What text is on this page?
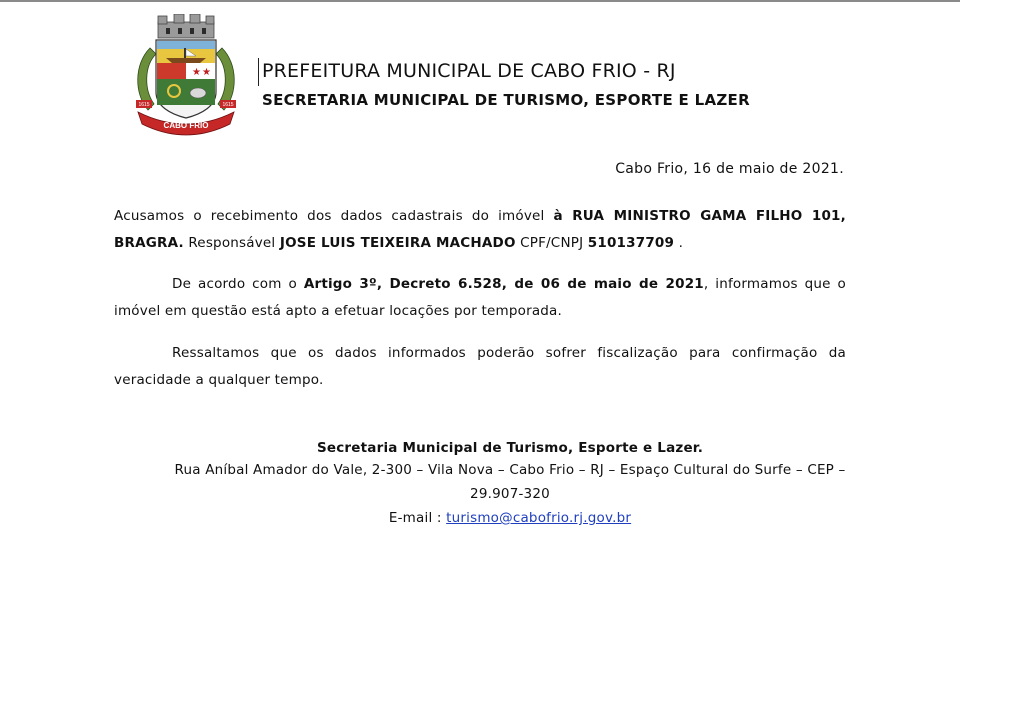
★ ★
CABO FRIO
1615	1615
PREFEITURA MUNICIPAL DE CABO FRIO - RJ
SECRETARIA MUNICIPAL DE TURISMO, ESPORTE E LAZER
Cabo Frio, 16 de maio de 2021.
Acusamos o recebimento dos dados cadastrais do imóvel à RUA MINISTRO GAMA FILHO 101, BRAGRA. Responsável JOSE LUIS TEIXEIRA MACHADO CPF/CNPJ 510137709 .
De acordo com o Artigo 3º, Decreto 6.528, de 06 de maio de 2021, informamos que o imóvel em questão está apto a efetuar locações por temporada.
Ressaltamos que os dados informados poderão sofrer fiscalização para confirmação da veracidade a qualquer tempo.
Secretaria Municipal de Turismo, Esporte e Lazer.
Rua Aníbal Amador do Vale, 2-300 – Vila Nova – Cabo Frio – RJ – Espaço Cultural do Surfe – CEP – 29.907-320
E-mail : turismo@cabofrio.rj.gov.br
